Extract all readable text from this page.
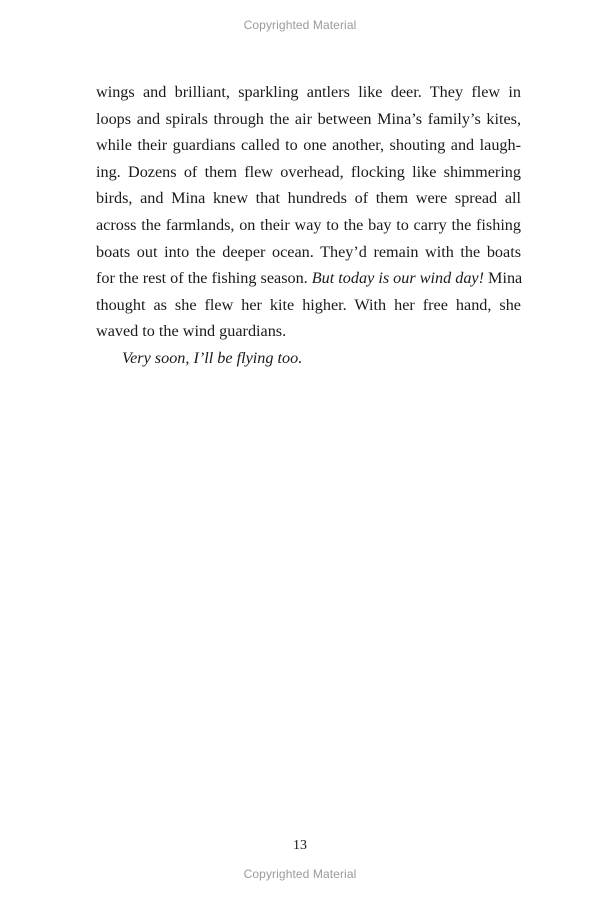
Copyrighted Material
wings and brilliant, sparkling antlers like deer. They flew in
loops and spirals through the air between Mina’s family’s kites,
while their guardians called to one another, shouting and laugh-
ing. Dozens of them flew overhead, flocking like shimmering
birds, and Mina knew that hundreds of them were spread all
across the farmlands, on their way to the bay to carry the fishing
boats out into the deeper ocean. They’d remain with the boats
for the rest of the fishing season. But today is our wind day! Mina
thought as she flew her kite higher. With her free hand, she
waved to the wind guardians.
Very soon, I’ll be flying too.
13
Copyrighted Material
